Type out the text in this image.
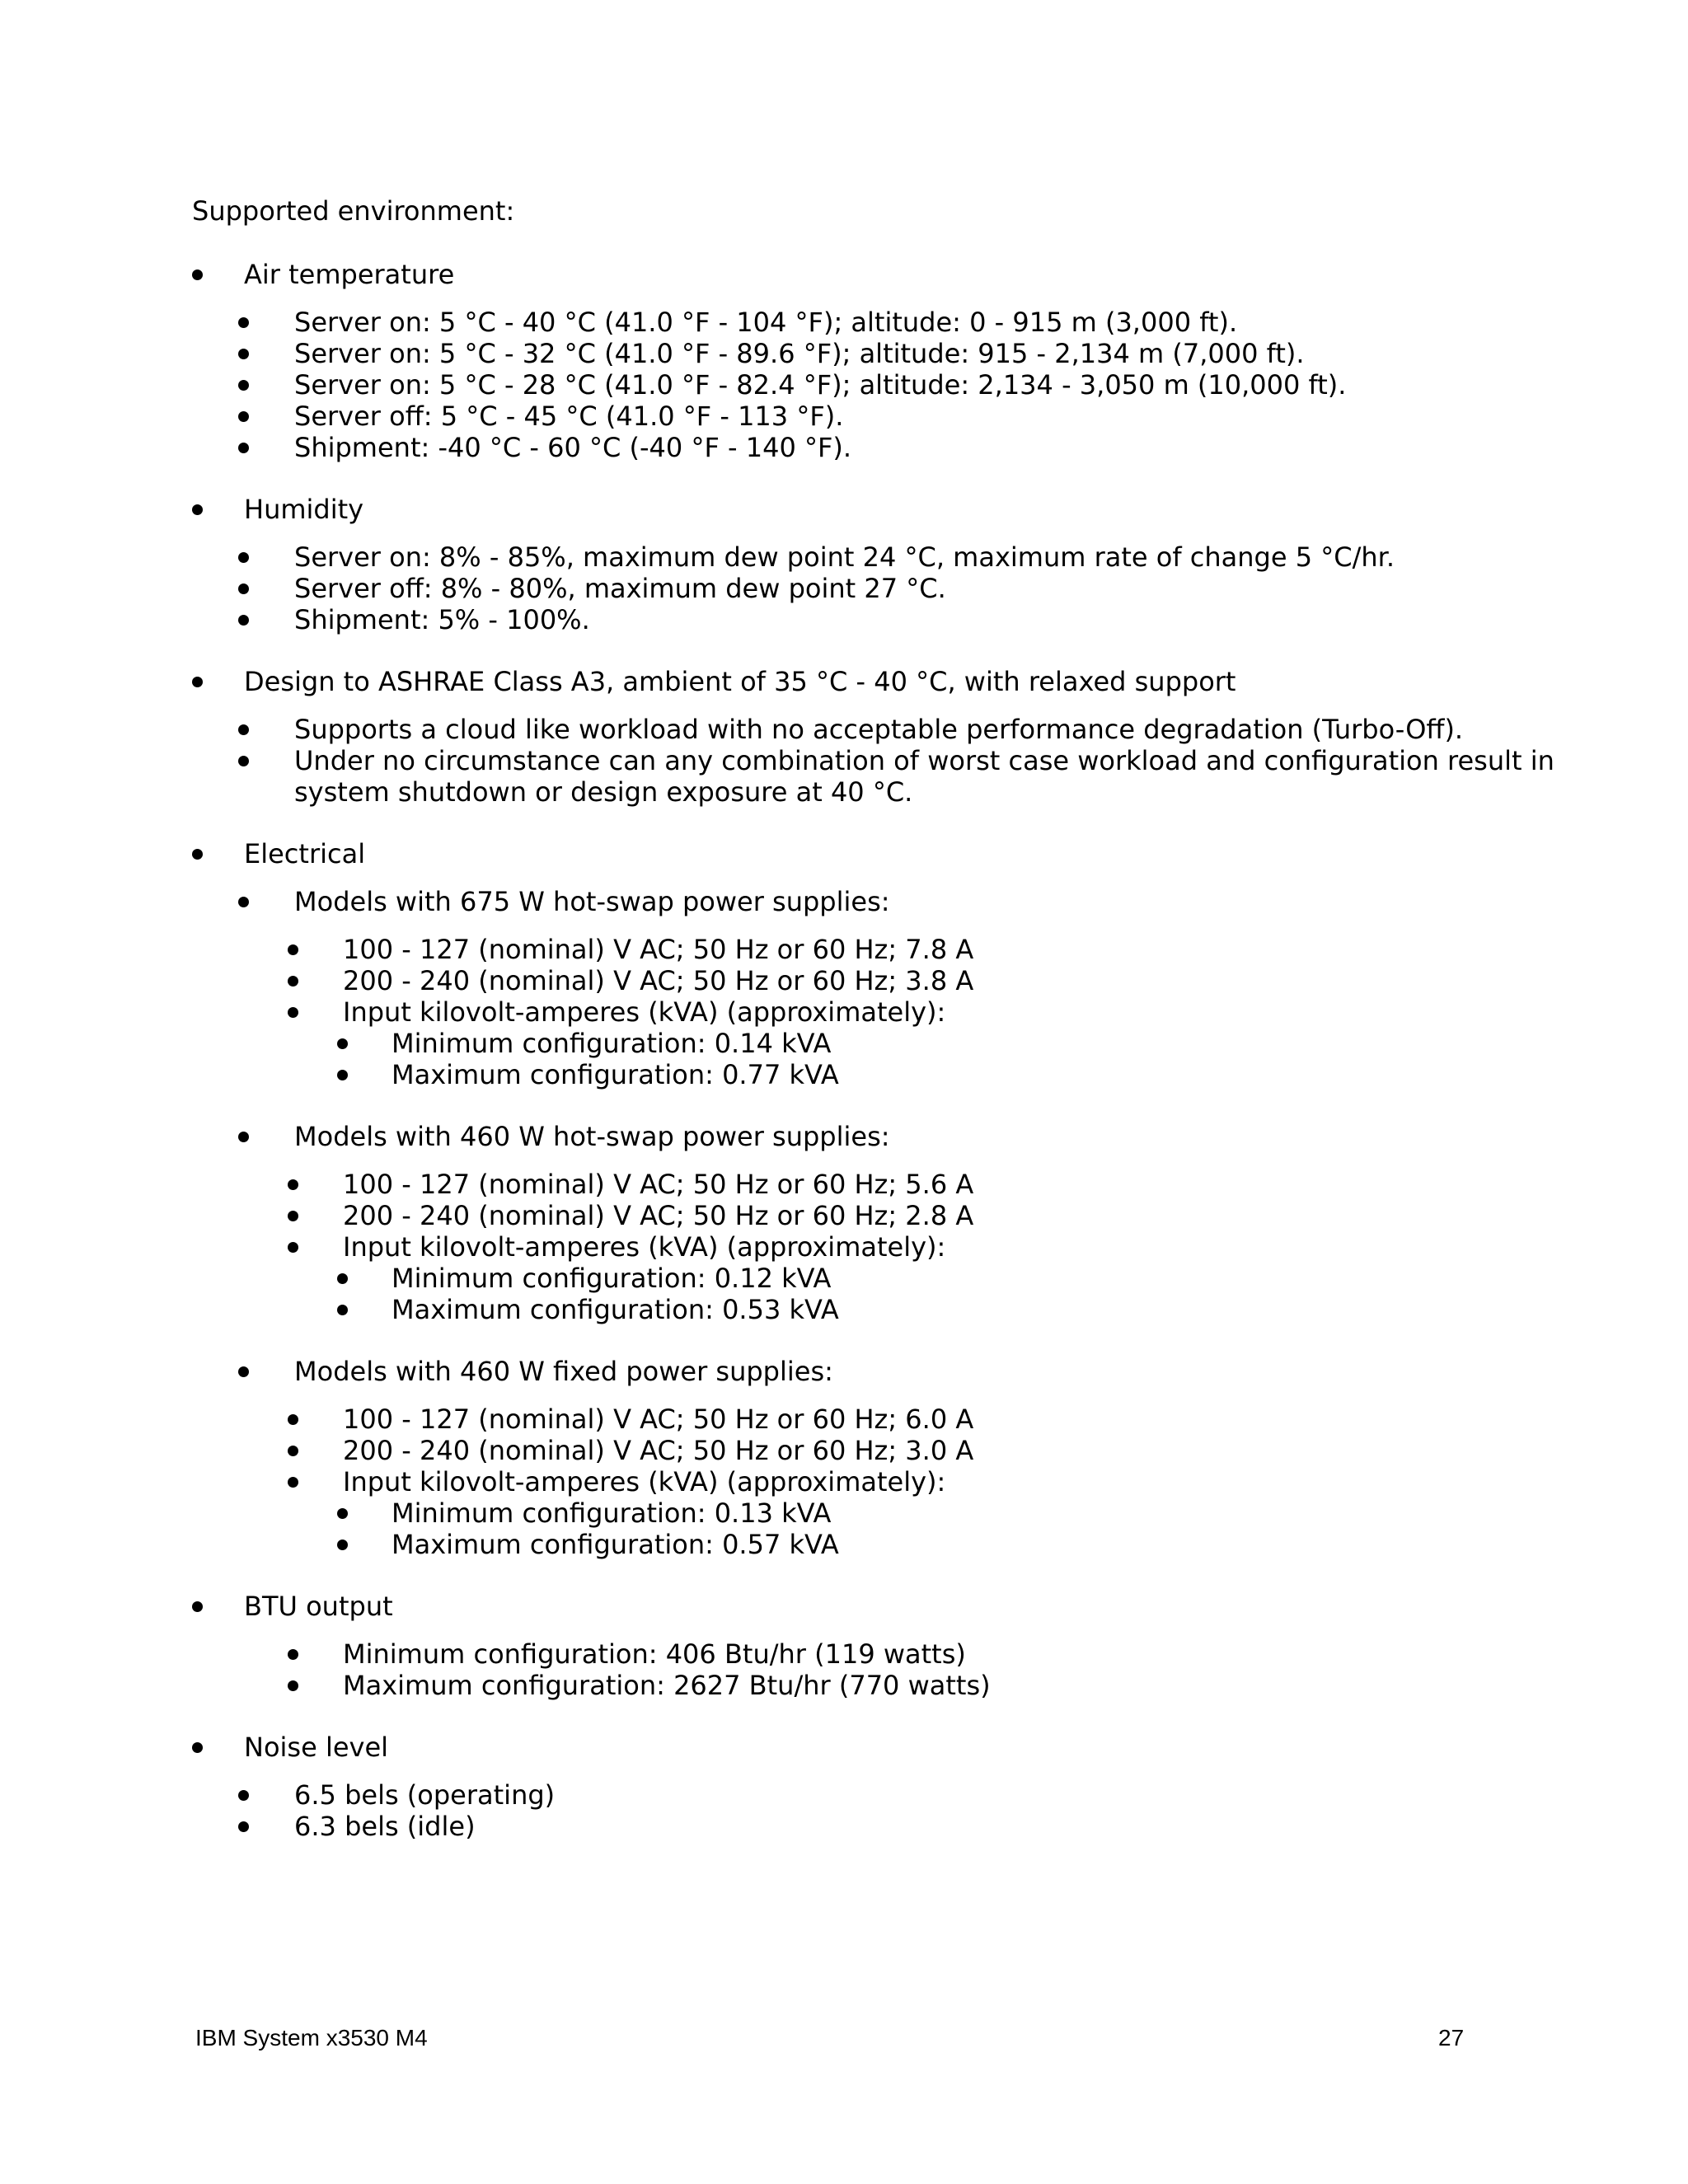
Supported environment:
Air temperature
Server on: 5 °C - 40 °C (41.0 °F - 104 °F); altitude: 0 - 915 m (3,000 ft).
Server on: 5 °C - 32 °C (41.0 °F - 89.6 °F); altitude: 915 - 2,134 m (7,000 ft).
Server on: 5 °C - 28 °C (41.0 °F - 82.4 °F); altitude: 2,134 - 3,050 m (10,000 ft).
Server off: 5 °C - 45 °C (41.0 °F - 113 °F).
Shipment: -40 °C - 60 °C (-40 °F - 140 °F).
Humidity
Server on: 8% - 85%, maximum dew point 24 °C, maximum rate of change 5 °C/hr.
Server off: 8% - 80%, maximum dew point 27 °C.
Shipment: 5% - 100%.
Design to ASHRAE Class A3, ambient of 35 °C - 40 °C, with relaxed support
Supports a cloud like workload with no acceptable performance degradation (Turbo-Off).
Under no circumstance can any combination of worst case workload and configuration result in
system shutdown or design exposure at 40 °C.
Electrical
Models with 675 W hot-swap power supplies:
100 - 127 (nominal) V AC; 50 Hz or 60 Hz; 7.8 A
200 - 240 (nominal) V AC; 50 Hz or 60 Hz; 3.8 A
Input kilovolt-amperes (kVA) (approximately):
Minimum configuration: 0.14 kVA
Maximum configuration: 0.77 kVA
Models with 460 W hot-swap power supplies:
100 - 127 (nominal) V AC; 50 Hz or 60 Hz; 5.6 A
200 - 240 (nominal) V AC; 50 Hz or 60 Hz; 2.8 A
Input kilovolt-amperes (kVA) (approximately):
Minimum configuration: 0.12 kVA
Maximum configuration: 0.53 kVA
Models with 460 W fixed power supplies:
100 - 127 (nominal) V AC; 50 Hz or 60 Hz; 6.0 A
200 - 240 (nominal) V AC; 50 Hz or 60 Hz; 3.0 A
Input kilovolt-amperes (kVA) (approximately):
Minimum configuration: 0.13 kVA
Maximum configuration: 0.57 kVA
BTU output
Minimum configuration: 406 Btu/hr (119 watts)
Maximum configuration: 2627 Btu/hr (770 watts)
Noise level
6.5 bels (operating)
6.3 bels (idle)
IBM System x3530 M4	27
